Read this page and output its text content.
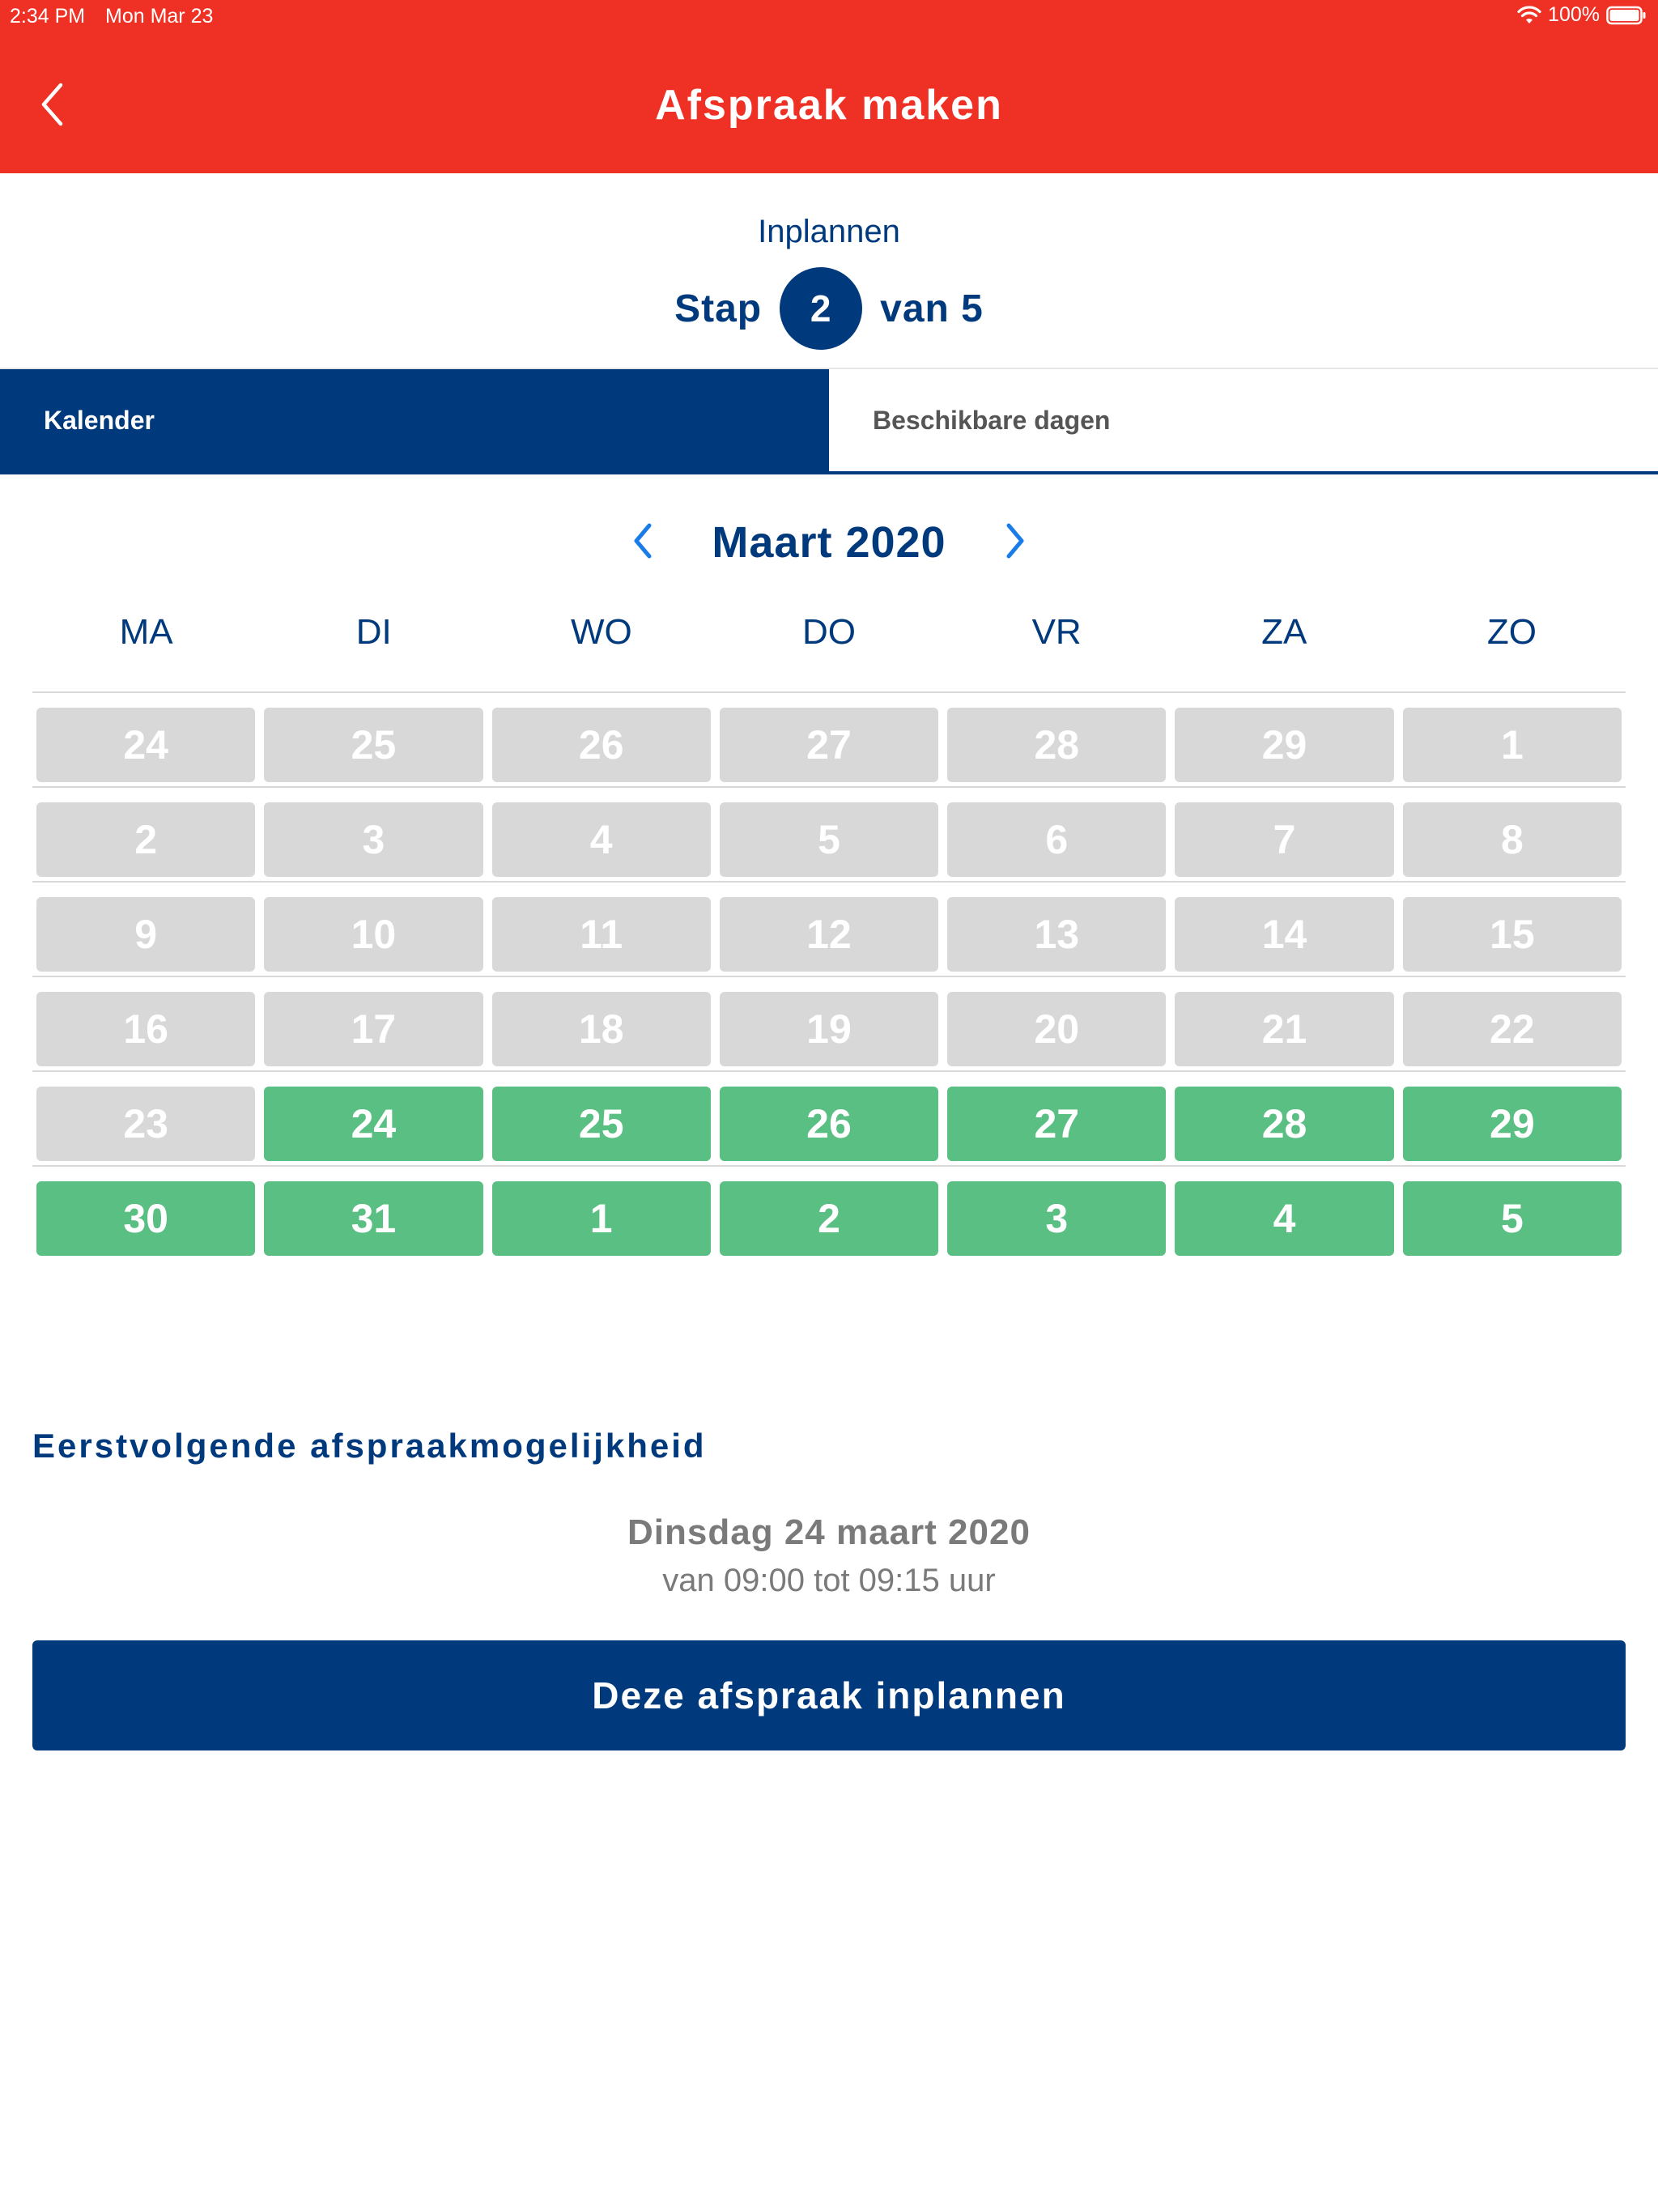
2:34 PM Mon Mar 23	100%
Afspraak maken
Inplannen
Stap	2	van 5
Kalender	Beschikbare dagen
Maart 2020
MA	DI	WO	DO	VR	ZA	ZO
24	25	26	27	28	29	1
2	3	4	5	6	7	8
9	10	11	12	13	14	15
16	17	18	19	20	21	22
23	24	25	26	27	28	29
30	31	1	2	3	4	5
Eerstvolgende afspraakmogelijkheid
Dinsdag 24 maart 2020
van 09:00 tot 09:15 uur
Deze afspraak inplannen
